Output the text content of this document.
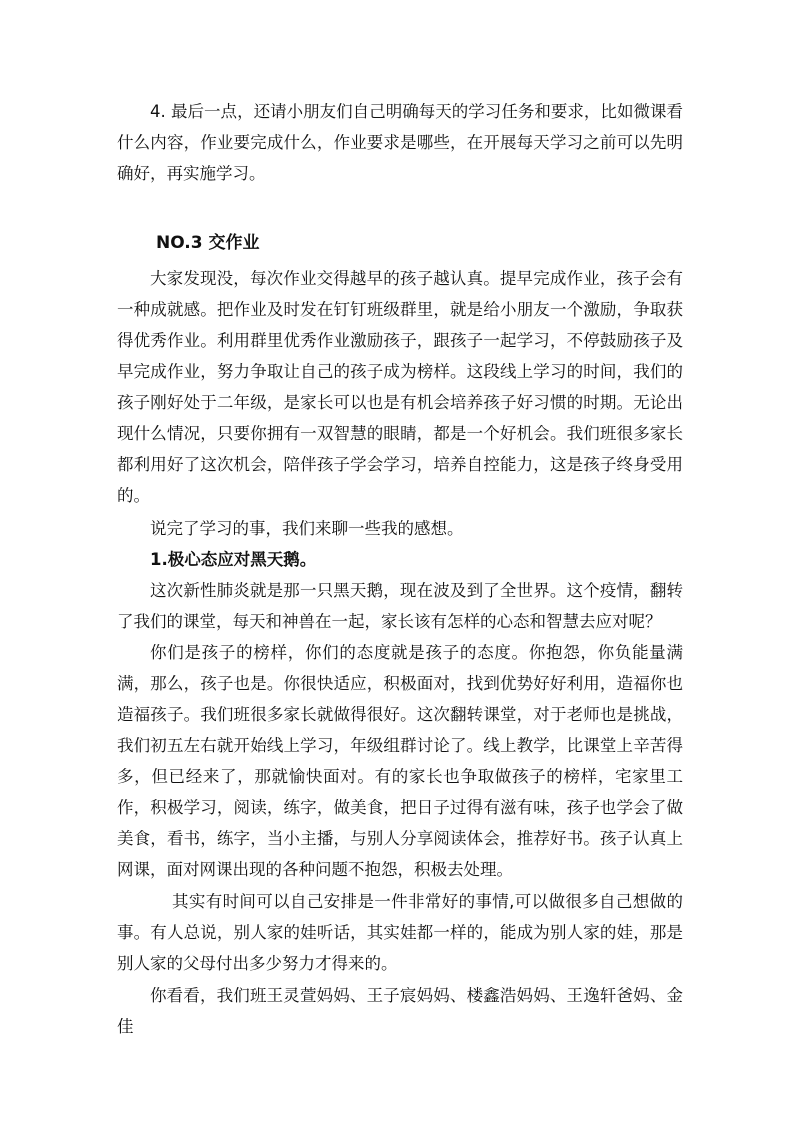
4. 最后一点，还请小朋友们自己明确每天的学习任务和要求，比如微课看什么内容，作业要完成什么，作业要求是哪些，在开展每天学习之前可以先明确好，再实施学习。

NO.3 交作业

大家发现没，每次作业交得越早的孩子越认真。提早完成作业，孩子会有一种成就感。把作业及时发在钉钉班级群里，就是给小朋友一个激励，争取获得优秀作业。利用群里优秀作业激励孩子，跟孩子一起学习，不停鼓励孩子及早完成作业，努力争取让自己的孩子成为榜样。这段线上学习的时间，我们的孩子刚好处于二年级，是家长可以也是有机会培养孩子好习惯的时期。无论出现什么情况，只要你拥有一双智慧的眼睛，都是一个好机会。我们班很多家长都利用好了这次机会，陪伴孩子学会学习，培养自控能力，这是孩子终身受用的。

说完了学习的事，我们来聊一些我的感想。

1.极心态应对黑天鹅。

这次新性肺炎就是那一只黑天鹅，现在波及到了全世界。这个疫情，翻转了我们的课堂，每天和神兽在一起，家长该有怎样的心态和智慧去应对呢？

你们是孩子的榜样，你们的态度就是孩子的态度。你抱怨，你负能量满满，那么，孩子也是。你很快适应，积极面对，找到优势好好利用，造福你也造福孩子。我们班很多家长就做得很好。这次翻转课堂，对于老师也是挑战，我们初五左右就开始线上学习，年级组群讨论了。线上教学，比课堂上辛苦得多，但已经来了，那就愉快面对。有的家长也争取做孩子的榜样，宅家里工作，积极学习，阅读，练字，做美食，把日子过得有滋有味，孩子也学会了做美食，看书，练字，当小主播，与别人分享阅读体会，推荐好书。孩子认真上网课，面对网课出现的各种问题不抱怨，积极去处理。

其实有时间可以自己安排是一件非常好的事情,可以做很多自己想做的事。有人总说，别人家的娃听话，其实娃都一样的，能成为别人家的娃，那是别人家的父母付出多少努力才得来的。

你看看，我们班王灵萱妈妈、王子宸妈妈、楼鑫浩妈妈、王逸轩爸妈、金佳
